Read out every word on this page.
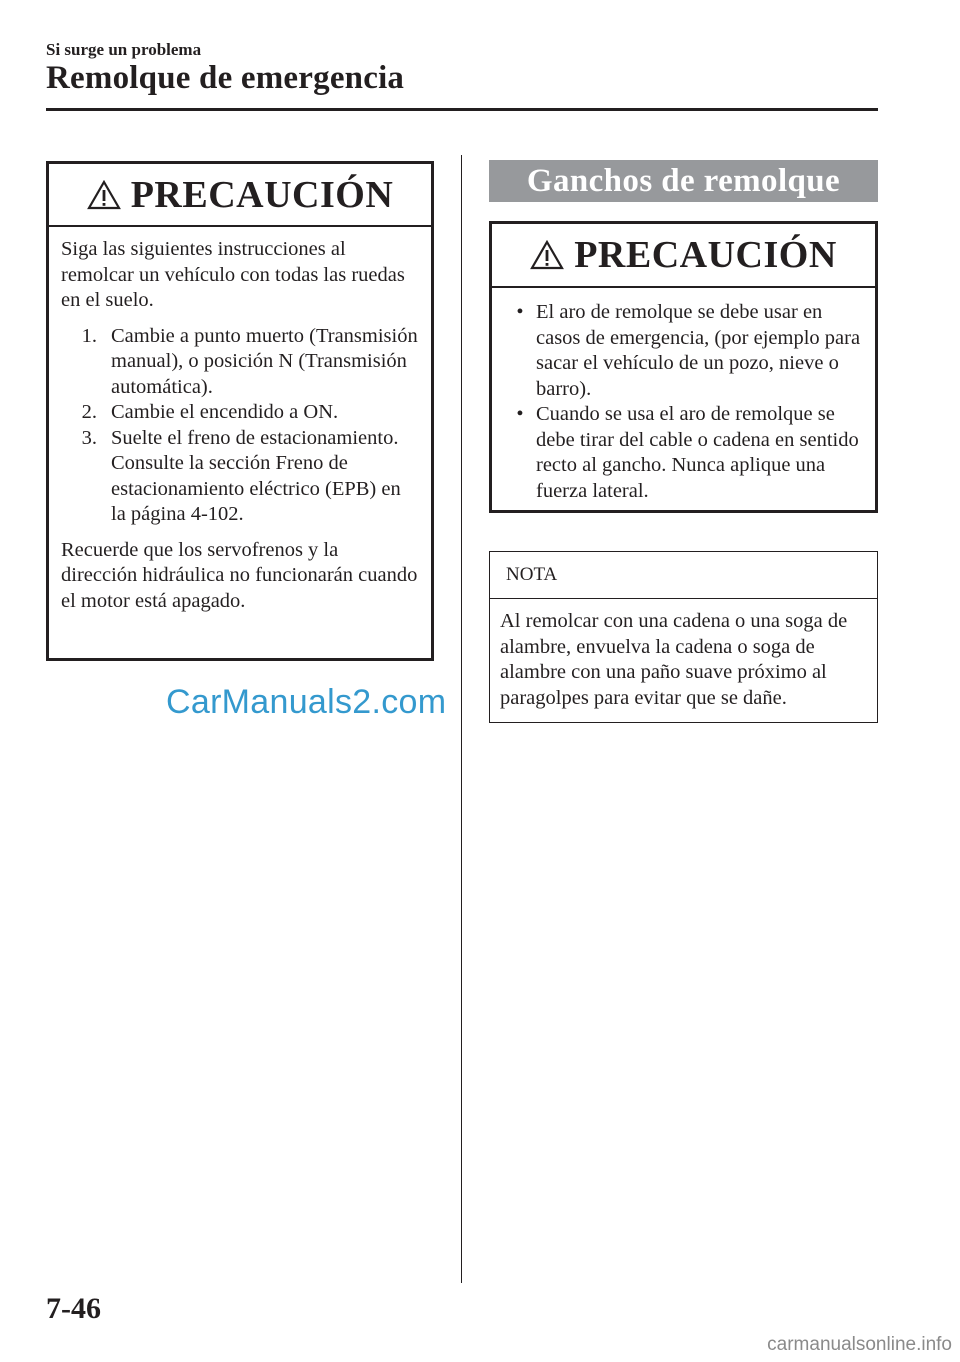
Si surge un problema
Remolque de emergencia
PRECAUCIÓN

Siga las siguientes instrucciones al remolcar un vehículo con todas las ruedas en el suelo.

1. Cambie a punto muerto (Transmisión manual), o posición N (Transmisión automática).
2. Cambie el encendido a ON.
3. Suelte el freno de estacionamiento.
Consulte la sección Freno de estacionamiento eléctrico (EPB) en la página 4-102.

Recuerde que los servofrenos y la dirección hidráulica no funcionarán cuando el motor está apagado.

Ganchos de remolque
PRECAUCIÓN
• El aro de remolque se debe usar en casos de emergencia, (por ejemplo para sacar el vehículo de un pozo, nieve o barro).
• Cuando se usa el aro de remolque se debe tirar del cable o cadena en sentido recto al gancho. Nunca aplique una fuerza lateral.
NOTA
Al remolcar con una cadena o una soga de alambre, envuelva la cadena o soga de alambre con una paño suave próximo al paragolpes para evitar que se dañe.
CarManuals2.com
7-46
carmanualsonline.info
